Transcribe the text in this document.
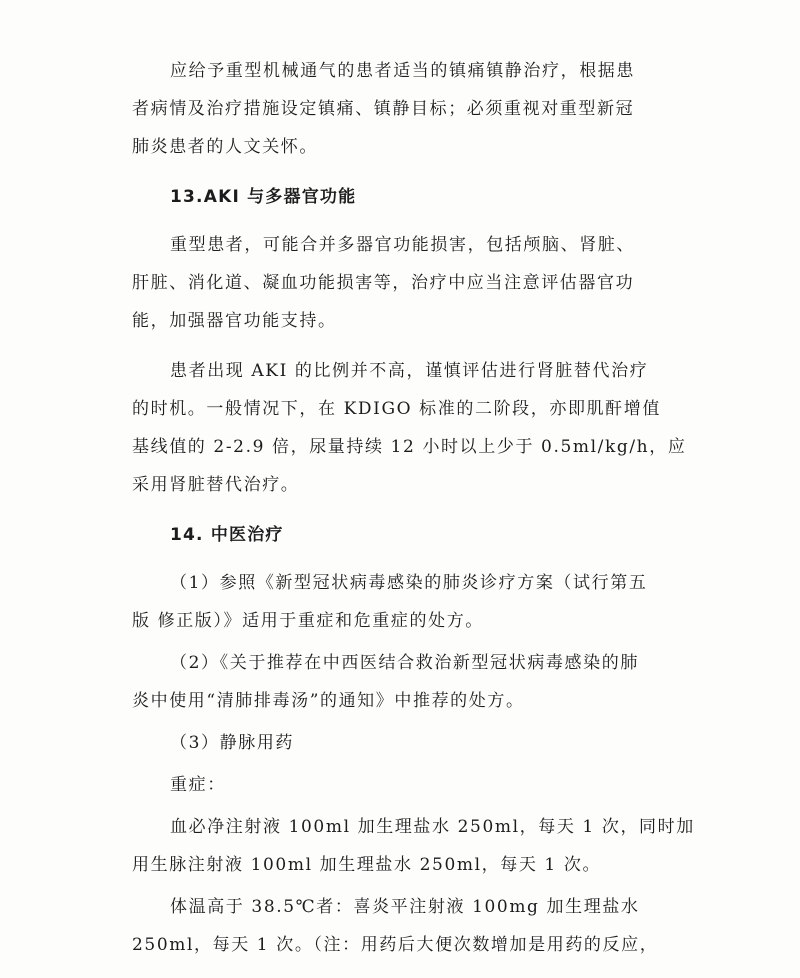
应给予重型机械通气的患者适当的镇痛镇静治疗，根据患
者病情及治疗措施设定镇痛、镇静目标；必须重视对重型新冠
肺炎患者的人文关怀。

13.AKI 与多器官功能

重型患者，可能合并多器官功能损害，包括颅脑、肾脏、
肝脏、消化道、凝血功能损害等，治疗中应当注意评估器官功
能，加强器官功能支持。

患者出现 AKI 的比例并不高，谨慎评估进行肾脏替代治疗
的时机。一般情况下，在 KDIGO 标准的二阶段，亦即肌酐增值
基线值的 2-2.9 倍，尿量持续 12 小时以上少于 0.5ml/kg/h，应
采用肾脏替代治疗。

14. 中医治疗

（1）参照《新型冠状病毒感染的肺炎诊疗方案（试行第五
版 修正版）》适用于重症和危重症的处方。

（2）《关于推荐在中西医结合救治新型冠状病毒感染的肺
炎中使用“清肺排毒汤”的通知》中推荐的处方。

（3）静脉用药

重症：

血必净注射液 100ml 加生理盐水 250ml，每天 1 次，同时加
用生脉注射液 100ml 加生理盐水 250ml，每天 1 次。

体温高于 38.5℃者：喜炎平注射液 100mg 加生理盐水
250ml，每天 1 次。（注：用药后大便次数增加是用药的反应，
